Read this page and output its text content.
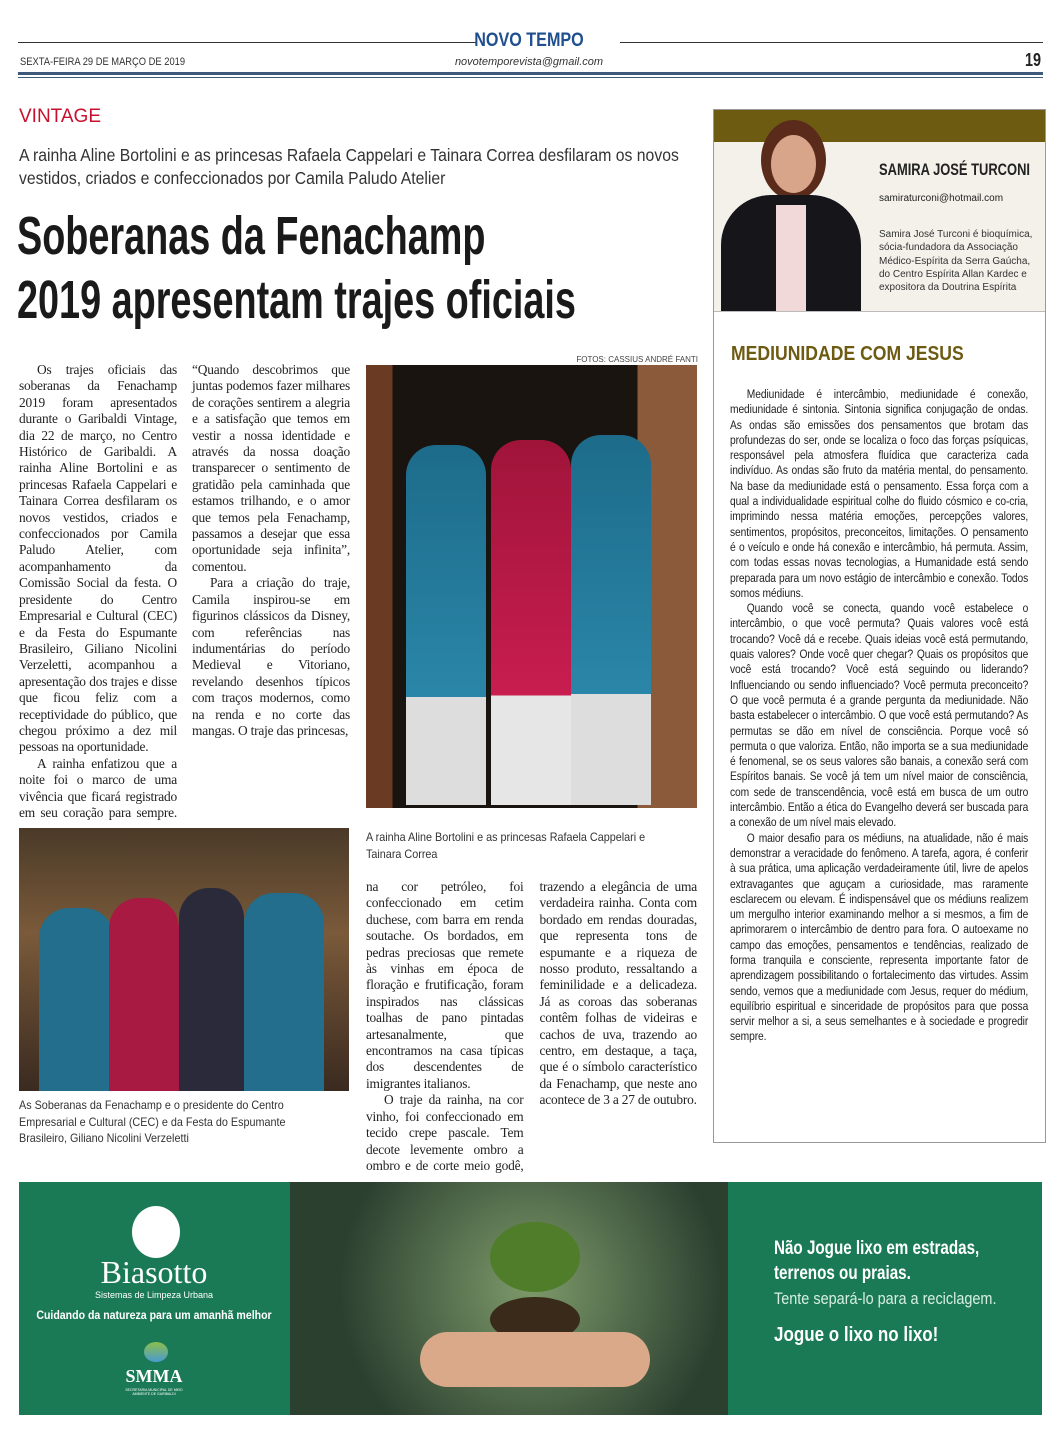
NOVO TEMPO
SEXTA-FEIRA 29 DE MARÇO DE 2019	novotemporevista@gmail.com	19
VINTAGE
A rainha Aline Bortolini e as princesas Rafaela Cappelari e Tainara Correa desfilaram os novos vestidos, criados e confeccionados por Camila Paludo Atelier
Soberanas da Fenachamp
2019 apresentam trajes oficiais

Os trajes oficiais das soberanas da Fenachamp 2019 foram apresentados durante o Garibaldi Vintage, dia 22 de março, no Centro Histórico de Garibaldi. A rainha Aline Bortolini e as princesas Rafaela Cappelari e Tainara Correa desfilaram os novos vestidos, criados e confeccionados por Camila Paludo Atelier, com acompanhamento da Comissão Social da festa. O presidente do Centro Empresarial e Cultural (CEC) e da Festa do Espumante Brasileiro, Giliano Nicolini Verzeletti, acompanhou a apresentação dos trajes e disse que ficou feliz com a receptividade do público, que chegou próximo a dez mil pessoas na oportunidade.

A rainha enfatizou que a noite foi o marco de uma vivência que ficará registrado em seu coração para sempre. “Quando descobrimos que juntas podemos fazer milhares de corações sentirem a alegria e a satisfação que temos em vestir a nossa identidade e através da nossa doação transparecer o sentimento de gratidão pela caminhada que estamos trilhando, e o amor que temos pela Fenachamp, passamos a desejar que essa oportunidade seja infinita”, comentou.

Para a criação do traje, Camila inspirou-se em figurinos clássicos da Disney, com referências nas indumentárias do período Medieval e Vitoriano, revelando desenhos típicos com traços modernos, como na renda e no corte das mangas. O traje das princesas,

FOTOS: CASSIUS ANDRÉ FANTI
A rainha Aline Bortolini e as princesas Rafaela Cappelari e Tainara Correa
As Soberanas da Fenachamp e o presidente do Centro Empresarial e Cultural (CEC) e da Festa do Espumante Brasileiro, Giliano Nicolini Verzeletti

na cor petróleo, foi confeccionado em cetim duchese, com barra em renda soutache. Os bordados, em pedras preciosas que remete às vinhas em época de floração e frutificação, foram inspirados nas clássicas toalhas de pano pintadas artesanalmente, que encontramos na casa típicas dos descendentes de imigrantes italianos.

O traje da rainha, na cor vinho, foi confeccionado em tecido crepe pascale. Tem decote levemente ombro a ombro e de corte meio godê, trazendo a elegância de uma verdadeira rainha. Conta com bordado em rendas douradas, que representa tons de espumante e a riqueza de nosso produto, ressaltando a feminilidade e a delicadeza. Já as coroas das soberanas contêm folhas de videiras e cachos de uva, trazendo ao centro, em destaque, a taça, que é o símbolo característico da Fenachamp, que neste ano acontece de 3 a 27 de outubro.

SAMIRA JOSÉ TURCONI
samiraturconi@hotmail.com
Samira José Turconi é bioquímica, sócia-fundadora da Associação Médico-Espírita da Serra Gaúcha, do Centro Espírita Allan Kardec e expositora da Doutrina Espírita
MEDIUNIDADE COM JESUS

Mediunidade é intercâmbio, mediunidade é conexão, mediunidade é sintonia. Sintonia significa conjugação de ondas. As ondas são emissões dos pensamentos que brotam das profundezas do ser, onde se localiza o foco das forças psíquicas, responsável pela atmosfera fluídica que caracteriza cada indivíduo. As ondas são fruto da matéria mental, do pensamento. Na base da mediunidade está o pensamento. Essa força com a qual a individualidade espiritual colhe do fluido cósmico e co-cria, imprimindo nessa matéria emoções, percepções valores, sentimentos, propósitos, preconceitos, limitações. O pensamento é o veículo e onde há conexão e intercâmbio, há permuta. Assim, com todas essas novas tecnologias, a Humanidade está sendo preparada para um novo estágio de intercâmbio e conexão. Todos somos médiuns.

Quando você se conecta, quando você estabelece o intercâmbio, o que você permuta? Quais valores você está trocando? Você dá e recebe. Quais ideias você está permutando, quais valores? Onde você quer chegar? Quais os propósitos que você está trocando? Você está seguindo ou liderando? Influenciando ou sendo influenciado? Você permuta preconceito? O que você permuta é a grande pergunta da mediunidade. Não basta estabelecer o intercâmbio. O que você está permutando? As permutas se dão em nível de consciência. Porque você só permuta o que valoriza. Então, não importa se a sua mediunidade é fenomenal, se os seus valores são banais, a conexão será com Espíritos banais. Se você já tem um nível maior de consciência, com sede de transcendência, você está em busca de um outro intercâmbio. Então a ética do Evangelho deverá ser buscada para a conexão de um nível mais elevado.

O maior desafio para os médiuns, na atualidade, não é mais demonstrar a veracidade do fenômeno. A tarefa, agora, é conferir à sua prática, uma aplicação verdadeiramente útil, livre de apelos extravagantes que aguçam a curiosidade, mas raramente esclarecem ou elevam. É indispensável que os médiuns realizem um mergulho interior examinando melhor a si mesmos, a fim de aprimorarem o intercâmbio de dentro para fora. O autoexame no campo das emoções, pensamentos e tendências, realizado de forma tranquila e consciente, representa importante fator de aprendizagem possibilitando o fortalecimento das virtudes. Assim sendo, vemos que a mediunidade com Jesus, requer do médium, equilíbrio espiritual e sinceridade de propósitos para que possa servir melhor a si, a seus semelhantes e à sociedade e progredir sempre.

Biasotto
Sistemas de Limpeza Urbana
Cuidando da natureza para um amanhã melhor
SMMA
SECRETARIA MUNICIPAL DE MEIO AMBIENTE DE GARIBALDI
Não Jogue lixo em estradas, terrenos ou praias.
Tente separá-lo para a reciclagem.
Jogue o lixo no lixo!
